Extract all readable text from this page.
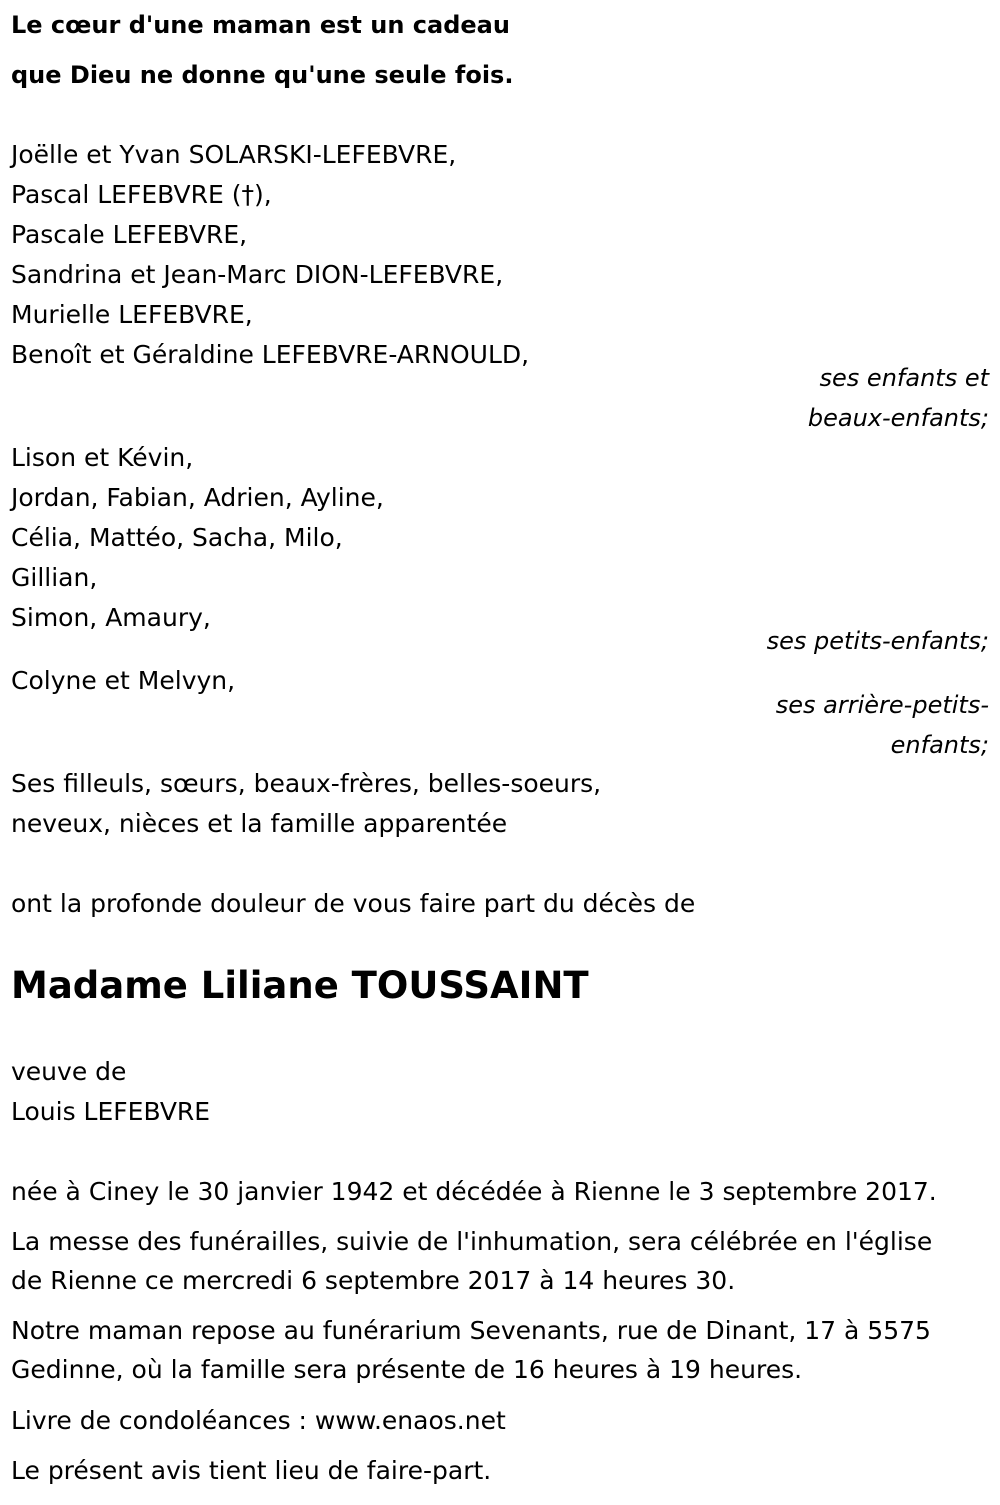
Le cœur d'une maman est un cadeau
que Dieu ne donne qu'une seule fois.
Joëlle et Yvan SOLARSKI-LEFEBVRE,
Pascal LEFEBVRE (†),
Pascale LEFEBVRE,
Sandrina et Jean-Marc DION-LEFEBVRE,
Murielle LEFEBVRE,
Benoît et Géraldine LEFEBVRE-ARNOULD,
ses enfants et
beaux-enfants;
Lison et Kévin,
Jordan, Fabian, Adrien, Ayline,
Célia, Mattéo, Sacha, Milo,
Gillian,
Simon, Amaury,
ses petits-enfants;
Colyne et Melvyn,
ses arrière-petits-
enfants;
Ses filleuls, sœurs, beaux-frères, belles-soeurs,
neveux, nièces et la famille apparentée
ont la profonde douleur de vous faire part du décès de
Madame Liliane TOUSSAINT
veuve de
Louis LEFEBVRE
née à Ciney le 30 janvier 1942 et décédée à Rienne le 3 septembre 2017.
La messe des funérailles, suivie de l'inhumation, sera célébrée en l'église
de Rienne ce mercredi 6 septembre 2017 à 14 heures 30.
Notre maman repose au funérarium Sevenants, rue de Dinant, 17 à 5575
Gedinne, où la famille sera présente de 16 heures à 19 heures.
Livre de condoléances : www.enaos.net
Le présent avis tient lieu de faire-part.
